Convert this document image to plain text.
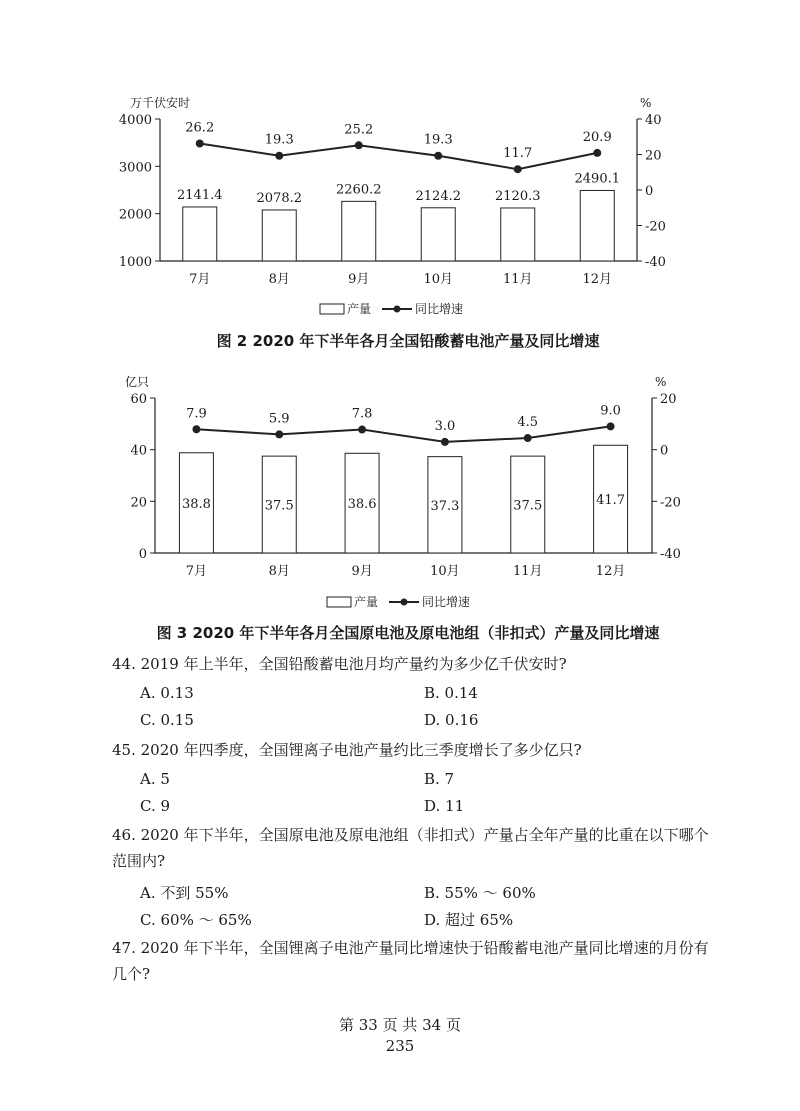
万千伏安时	%
1000
2000
3000
4000
-40
-20
0
20
40
2141.4	2078.2
2260.2	2124.2	2120.3
2490.1
26.2
19.3
25.2
19.3
11.7
20.9
7月	8月	9月	10月	11月	12月
产量	同比增速
图 2 2020 年下半年各月全国铅酸蓄电池产量及同比增速
亿只	%
0
20
40
60
-40
-20
0
20
38.8	37.5	38.6	37.3	37.5	41.7
7.9	5.9	7.8
3.0	4.5
9.0
7月	8月	9月	10月	11月	12月
产量	同比增速
图 3 2020 年下半年各月全国原电池及原电池组（非扣式）产量及同比增速
44. 2019 年上半年，全国铅酸蓄电池月均产量约为多少亿千伏安时?
A. 0.13	B. 0.14
C. 0.15	D. 0.16
45. 2020 年四季度，全国锂离子电池产量约比三季度增长了多少亿只?
A. 5	B. 7
C. 9	D. 11
46. 2020 年下半年，全国原电池及原电池组（非扣式）产量占全年产量的比重在以下哪个范围内?
A. 不到 55%	B. 55% ～ 60%
C. 60% ～ 65%	D. 超过 65%
47. 2020 年下半年，全国锂离子电池产量同比增速快于铅酸蓄电池产量同比增速的月份有几个?
第 33 页 共 34 页
235
